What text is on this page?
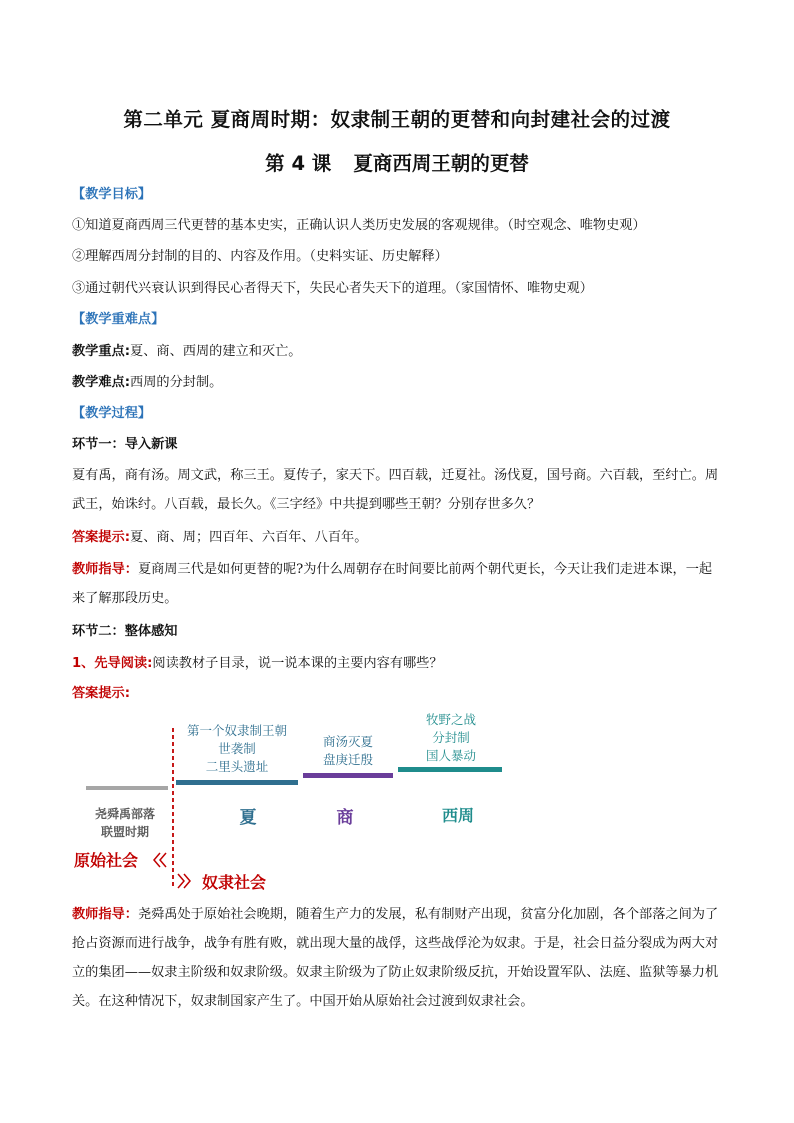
第二单元 夏商周时期：奴隶制王朝的更替和向封建社会的过渡
第 4 课 夏商西周王朝的更替
【教学目标】
①知道夏商西周三代更替的基本史实，正确认识人类历史发展的客观规律。（时空观念、唯物史观）
②理解西周分封制的目的、内容及作用。（史料实证、历史解释）
③通过朝代兴衰认识到得民心者得天下，失民心者失天下的道理。（家国情怀、唯物史观）
【教学重难点】
教学重点:夏、商、西周的建立和灭亡。
教学难点:西周的分封制。
【教学过程】
环节一：导入新课
夏有禹，商有汤。周文武，称三王。夏传子，家天下。四百载，迁夏社。汤伐夏，国号商。六百载，至纣亡。周武王，始诛纣。八百载，最长久。《三字经》中共提到哪些王朝？分别存世多久？
答案提示:夏、商、周；四百年、六百年、八百年。
教师指导：夏商周三代是如何更替的呢?为什么周朝存在时间要比前两个朝代更长，今天让我们走进本课，一起来了解那段历史。
环节二：整体感知
1、先导阅读:阅读教材子目录，说一说本课的主要内容有哪些？
答案提示:
第一个奴隶制王朝
世袭制
二里头遗址
商汤灭夏
盘庚迁殷
牧野之战
分封制
国人暴动
尧舜禹部落
联盟时期
夏	商	西周
原始社会
奴隶社会
教师指导：尧舜禹处于原始社会晚期，随着生产力的发展，私有制财产出现，贫富分化加剧，各个部落之间为了抢占资源而进行战争，战争有胜有败，就出现大量的战俘，这些战俘沦为奴隶。于是，社会日益分裂成为两大对立的集团——奴隶主阶级和奴隶阶级。奴隶主阶级为了防止奴隶阶级反抗，开始设置军队、法庭、监狱等暴力机关。在这种情况下，奴隶制国家产生了。中国开始从原始社会过渡到奴隶社会。
